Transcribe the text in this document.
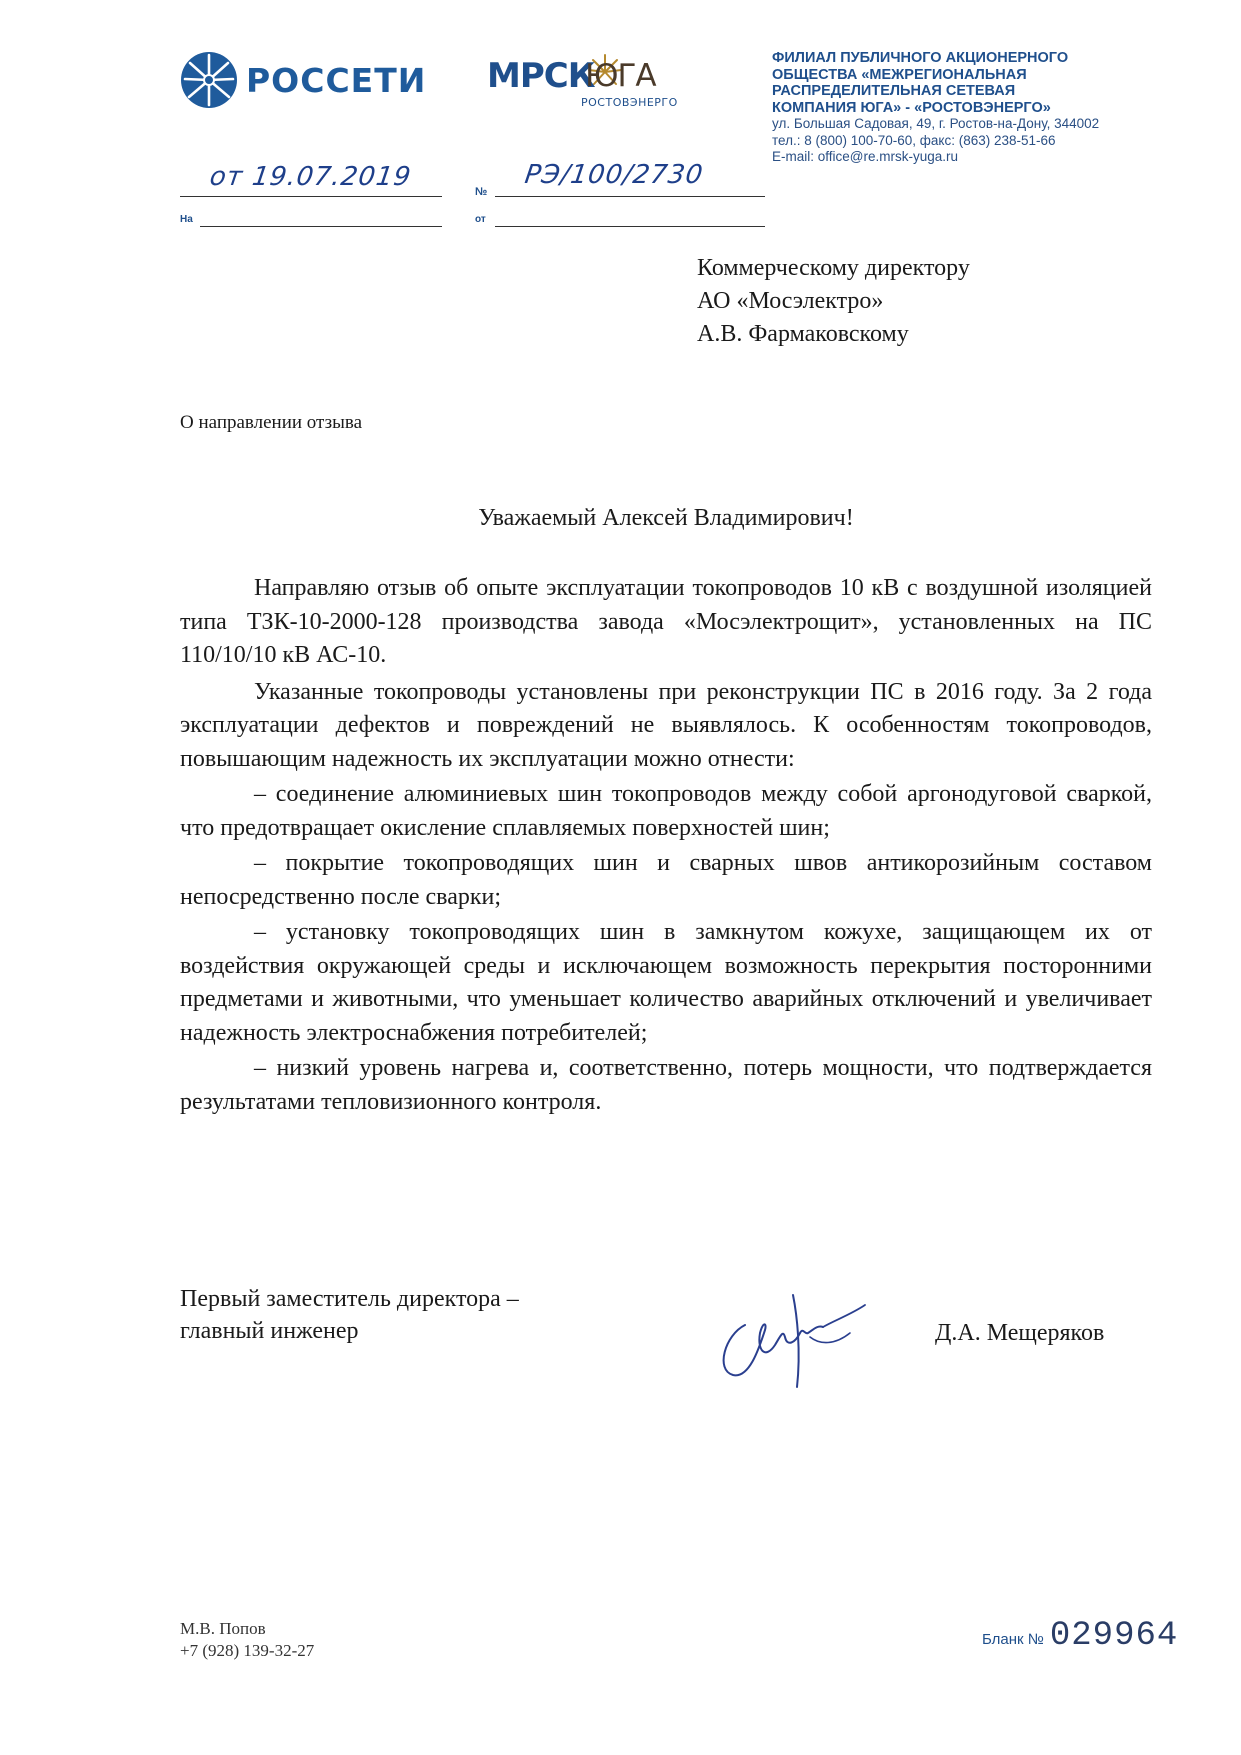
РОССЕТИ МРСК
ЮГА
РОСТОВЭНЕРГО

ФИЛИАЛ ПУБЛИЧНОГО АКЦИОНЕРНОГО
ОБЩЕСТВА «МЕЖРЕГИОНАЛЬНАЯ
РАСПРЕДЕЛИТЕЛЬНАЯ СЕТЕВАЯ
КОМПАНИЯ ЮГА» - «РОСТОВЭНЕРГО»

ул. Большая Садовая, 49, г. Ростов-на-Дону, 344002

тел.: 8 (800) 100-70-60, факс: (863) 238-51-66

E-mail: office@re.mrsk-yuga.ru

от 19.07.2019	№
РЭ/100/2730
На	от
Коммерческому директору
АО «Мосэлектро»
А.В. Фармаковскому
О направлении отзыва
Уважаемый Алексей Владимирович!

Направляю отзыв об опыте эксплуатации токопроводов 10 кВ с воздушной изоляцией типа ТЗК-10-2000-128 производства завода «Мосэлектрощит», установленных на ПС 110/10/10 кВ АС-10.

Указанные токопроводы установлены при реконструкции ПС в 2016 году. За 2 года эксплуатации дефектов и повреждений не выявлялось. К особенностям токопроводов, повышающим надежность их эксплуатации можно отнести:

– соединение алюминиевых шин токопроводов между собой аргонодуговой сваркой, что предотвращает окисление сплавляемых поверхностей шин;

– покрытие токопроводящих шин и сварных швов антикорозийным составом непосредственно после сварки;

– установку токопроводящих шин в замкнутом кожухе, защищающем их от воздействия окружающей среды и исключающем возможность перекрытия посторонними предметами и животными, что уменьшает количество аварийных отключений и увеличивает надежность электроснабжения потребителей;

– низкий уровень нагрева и, соответственно, потерь мощности, что подтверждается результатами тепловизионного контроля.

Первый заместитель директора –
главный инженер	Д.А. Мещеряков
М.В. Попов
+7 (928) 139-32-27
Бланк № 029964
